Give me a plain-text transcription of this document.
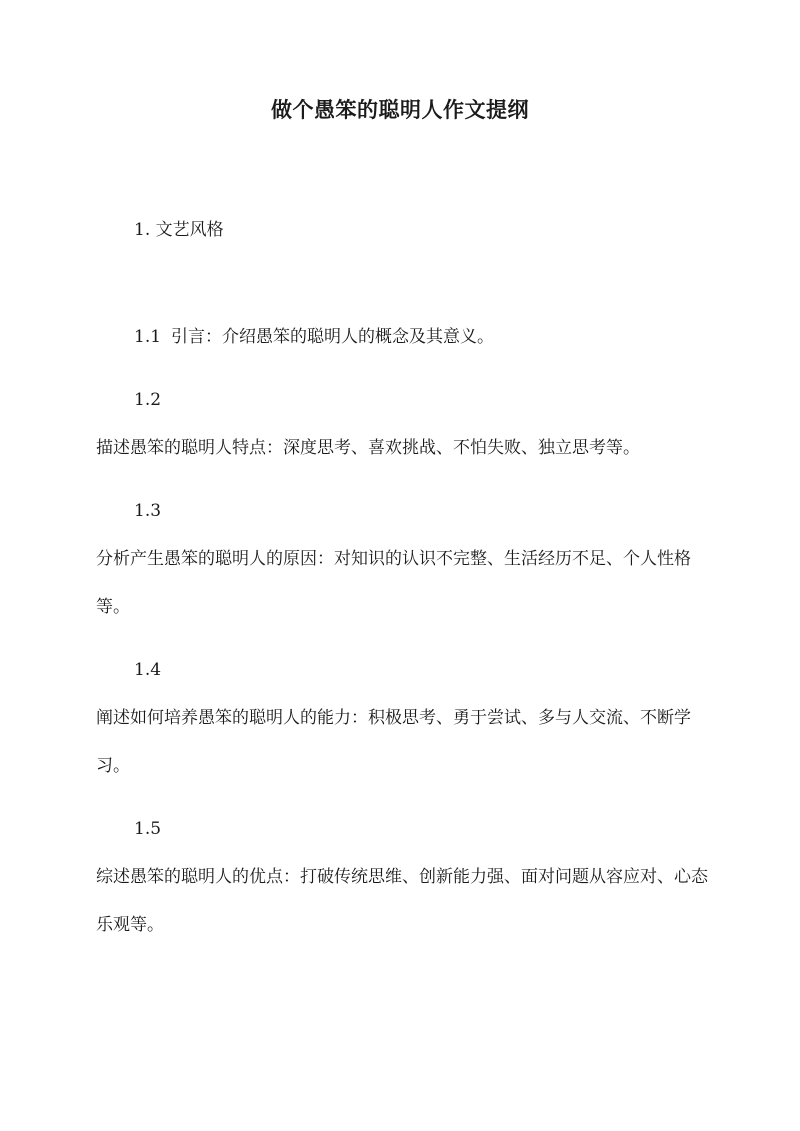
做个愚笨的聪明人作文提纲
1. 文艺风格
1.1 引言：介绍愚笨的聪明人的概念及其意义。
1.2
描述愚笨的聪明人特点：深度思考、喜欢挑战、不怕失败、独立思考等。
1.3
分析产生愚笨的聪明人的原因：对知识的认识不完整、生活经历不足、个人性格等。
1.4
阐述如何培养愚笨的聪明人的能力：积极思考、勇于尝试、多与人交流、不断学习。
1.5
综述愚笨的聪明人的优点：打破传统思维、创新能力强、面对问题从容应对、心态乐观等。
